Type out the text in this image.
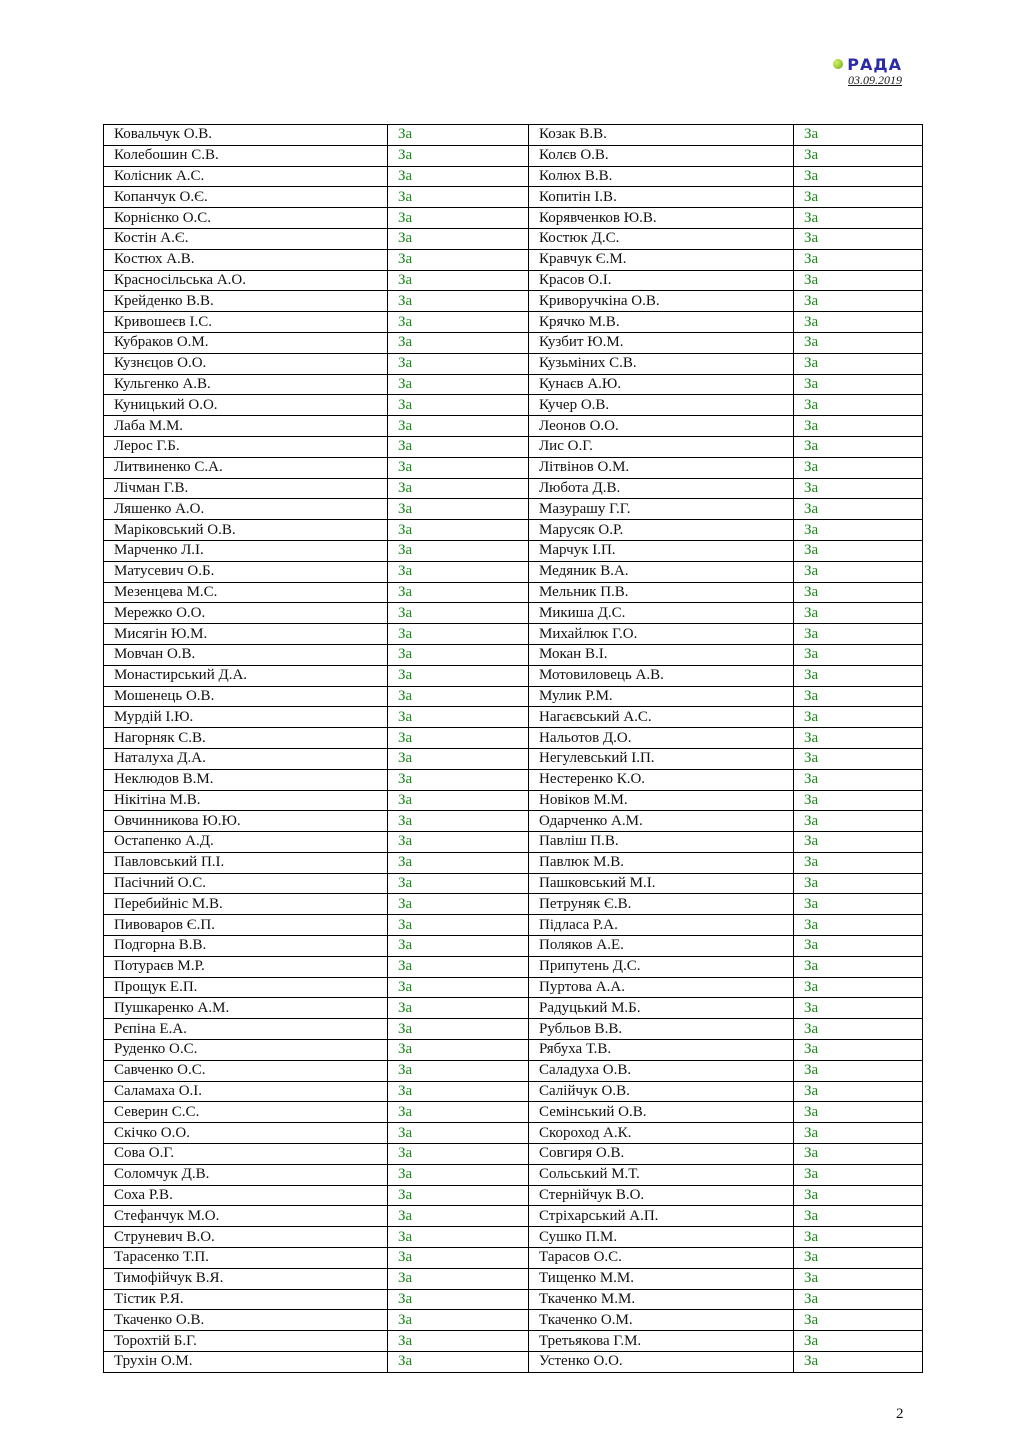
РАДА
03.09.2019
Ковальчук О.В.	За	Козак В.В.	За
Колебошин С.В.	За	Колєв О.В.	За
Колісник А.С.	За	Колюх В.В.	За
Копанчук О.Є.	За	Копитін І.В.	За
Корнієнко О.С.	За	Корявченков Ю.В.	За
Костін А.Є.	За	Костюк Д.С.	За
Костюх А.В.	За	Кравчук Є.М.	За
Красносільська А.О.	За	Красов О.І.	За
Крейденко В.В.	За	Криворучкіна О.В.	За
Кривошеєв І.С.	За	Крячко М.В.	За
Кубраков О.М.	За	Кузбит Ю.М.	За
Кузнєцов О.О.	За	Кузьміних С.В.	За
Кульгенко А.В.	За	Кунаєв А.Ю.	За
Куницький О.О.	За	Кучер О.В.	За
Лаба М.М.	За	Леонов О.О.	За
Лерос Г.Б.	За	Лис О.Г.	За
Литвиненко С.А.	За	Літвінов О.М.	За
Лічман Г.В.	За	Любота Д.В.	За
Ляшенко А.О.	За	Мазурашу Г.Г.	За
Маріковський О.В.	За	Марусяк О.Р.	За
Марченко Л.І.	За	Марчук І.П.	За
Матусевич О.Б.	За	Медяник В.А.	За
Мезенцева М.С.	За	Мельник П.В.	За
Мережко О.О.	За	Микиша Д.С.	За
Мисягін Ю.М.	За	Михайлюк Г.О.	За
Мовчан О.В.	За	Мокан В.І.	За
Монастирський Д.А.	За	Мотовиловець А.В.	За
Мошенець О.В.	За	Мулик Р.М.	За
Мурдій І.Ю.	За	Нагаєвський А.С.	За
Нагорняк С.В.	За	Нальотов Д.О.	За
Наталуха Д.А.	За	Негулевський І.П.	За
Неклюдов В.М.	За	Нестеренко К.О.	За
Нікітіна М.В.	За	Новіков М.М.	За
Овчинникова Ю.Ю.	За	Одарченко А.М.	За
Остапенко А.Д.	За	Павліш П.В.	За
Павловський П.І.	За	Павлюк М.В.	За
Пасічний О.С.	За	Пашковський М.І.	За
Перебийніс М.В.	За	Петруняк Є.В.	За
Пивоваров Є.П.	За	Підласа Р.А.	За
Подгорна В.В.	За	Поляков А.Е.	За
Потураєв М.Р.	За	Припутень Д.С.	За
Прощук Е.П.	За	Пуртова А.А.	За
Пушкаренко А.М.	За	Радуцький М.Б.	За
Рєпіна Е.А.	За	Рубльов В.В.	За
Руденко О.С.	За	Рябуха Т.В.	За
Савченко О.С.	За	Саладуха О.В.	За
Саламаха О.І.	За	Салійчук О.В.	За
Северин С.С.	За	Семінський О.В.	За
Скічко О.О.	За	Скороход А.К.	За
Сова О.Г.	За	Совгиря О.В.	За
Соломчук Д.В.	За	Сольський М.Т.	За
Соха Р.В.	За	Стернійчук В.О.	За
Стефанчук М.О.	За	Стріхарський А.П.	За
Струневич В.О.	За	Сушко П.М.	За
Тарасенко Т.П.	За	Тарасов О.С.	За
Тимофійчук В.Я.	За	Тищенко М.М.	За
Тістик Р.Я.	За	Ткаченко М.М.	За
Ткаченко О.В.	За	Ткаченко О.М.	За
Торохтій Б.Г.	За	Третьякова Г.М.	За
Трухін О.М.	За	Устенко О.О.	За
2
